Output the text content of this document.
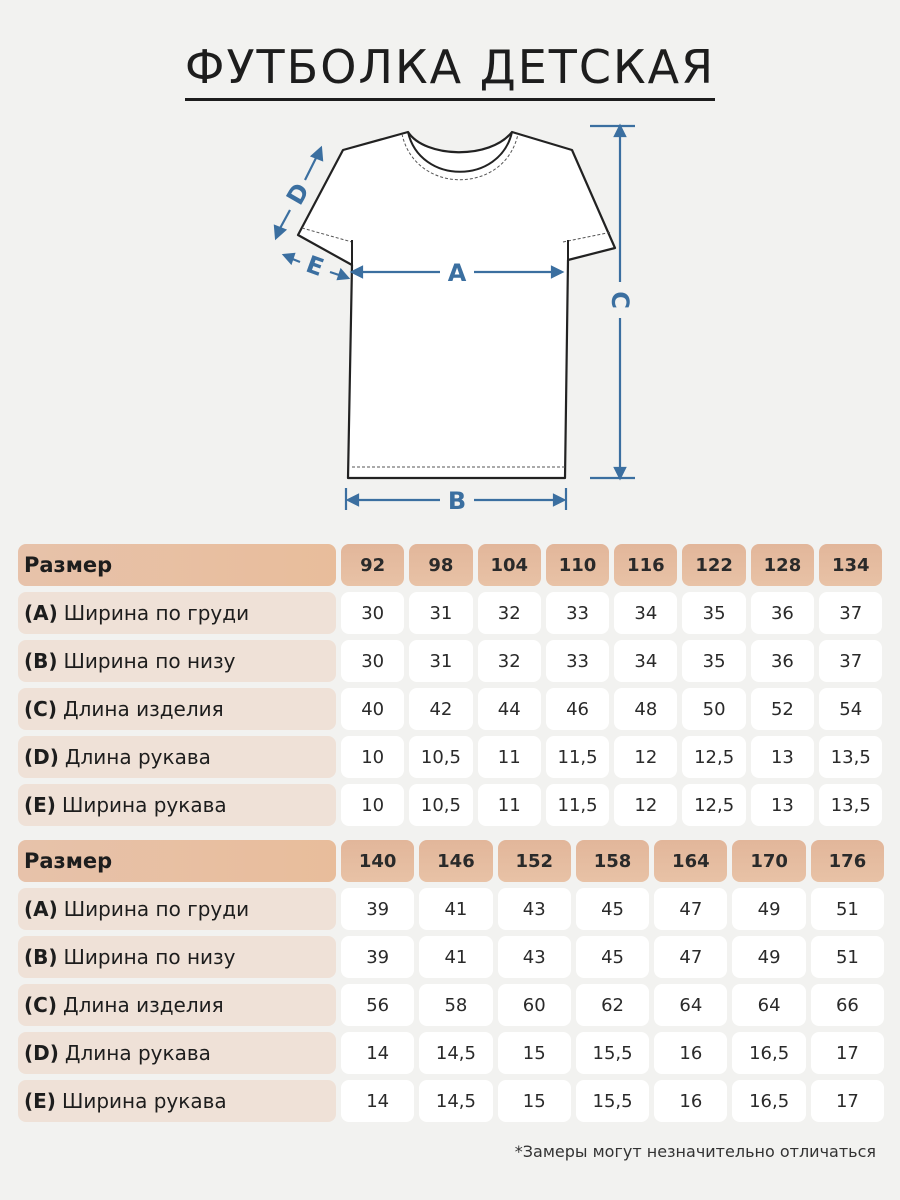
ФУТБОЛКА ДЕТСКАЯ
A
B
C
D
E
Размер	92	98	104	110	116	122	128	134
(A) Ширина по груди	30	31	32	33	34	35	36	37
(B) Ширина по низу	30	31	32	33	34	35	36	37
(C) Длина изделия	40	42	44	46	48	50	52	54
(D) Длина рукава	10	10,5	11	11,5	12	12,5	13	13,5
(E) Ширина рукава	10	10,5	11	11,5	12	12,5	13	13,5
Размер	140	146	152	158	164	170	176
(A) Ширина по груди	39	41	43	45	47	49	51
(B) Ширина по низу	39	41	43	45	47	49	51
(C) Длина изделия	56	58	60	62	64	64	66
(D) Длина рукава	14	14,5	15	15,5	16	16,5	17
(E) Ширина рукава	14	14,5	15	15,5	16	16,5	17
*Замеры могут незначительно отличаться
